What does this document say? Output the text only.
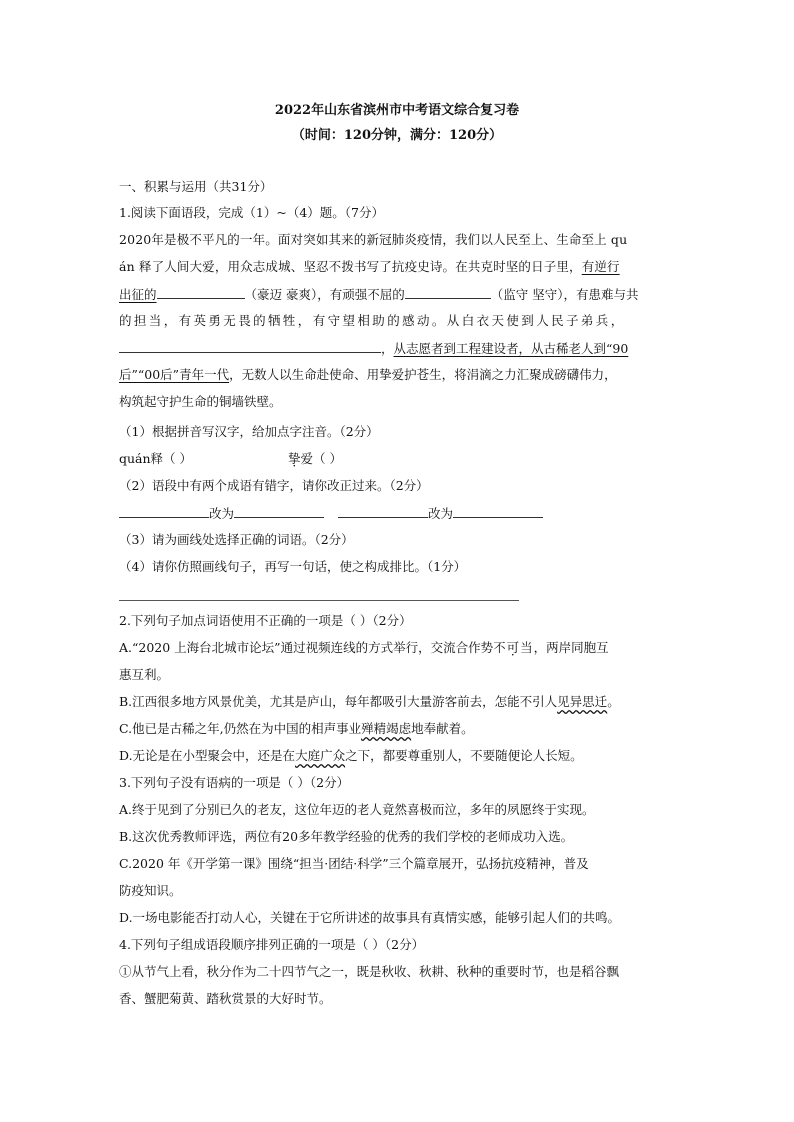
2022年山东省滨州市中考语文综合复习卷
（时间：120分钟，满分：120分）
一、积累与运用（共31分）
1.阅读下面语段，完成（1）~（4）题。（7分）
2020年是极不平凡的一年。面对突如其来的新冠肺炎疫情，我们以人民至上、生命至上 qu
án 释了人间大爱，用众志成城、坚忍不拨书写了抗疫史诗。在共克时坚的日子里，有逆行
出征的	（豪迈 豪爽），有顽强不屈的	（监守 坚守），有患难与共
的担当，有英勇无畏的牺牲，有守望相助的感动。从白衣天使到人民子弟兵，
，从志愿者到工程建设者，从古稀老人到“90
后”“00后”青年一代，无数人以生命赴使命、用挚爱护苍生，将涓滴之力汇聚成磅礴伟力，
构筑起守护生命的铜墙铁壁。
（1）根据拼音写汉字，给加点字注音。（2分）
quán释（ ）	挚爱（ ）
（2）语段中有两个成语有错字，请你改正过来。（2分）
改为	改为
（3）请为画线处选择正确的词语。（2分）
（4）请你仿照画线句子，再写一句话，使之构成排比。（1分）
2.下列句子加点词语使用不正确的一项是（ ）（2分）
A.“2020 上海台北城市论坛”通过视频连线的方式举行，交流合作势不可当，两岸同胞互
惠互利。
B.江西很多地方风景优美，尤其是庐山，每年都吸引大量游客前去，怎能不引人见异思迁。
C.他已是古稀之年,仍然在为中国的相声事业殚精竭虑地奉献着。
D.无论是在小型聚会中，还是在大庭广众之下，都要尊重别人，不要随便论人长短。
3.下列句子没有语病的一项是（ ）（2分）
A.终于见到了分别已久的老友，这位年迈的老人竟然喜极而泣，多年的夙愿终于实现。
B.这次优秀教师评选，两位有20多年教学经验的优秀的我们学校的老师成功入选。
C.2020 年《开学第一课》围绕“担当·团结·科学”三个篇章展开，弘扬抗疫精神，普及
防疫知识。
D.一场电影能否打动人心，关键在于它所讲述的故事具有真情实感，能够引起人们的共鸣。
4.下列句子组成语段顺序排列正确的一项是（ ）（2分）
①从节气上看，秋分作为二十四节气之一，既是秋收、秋耕、秋种的重要时节，也是稻谷飘
香、蟹肥菊黄、踏秋赏景的大好时节。
